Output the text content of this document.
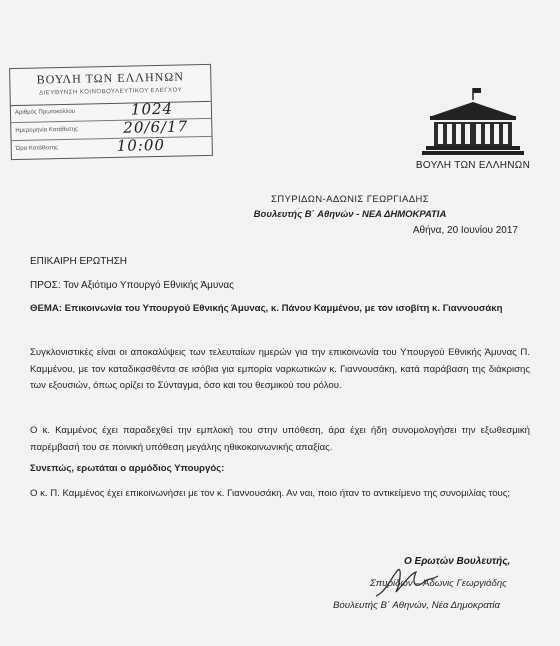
ΒΟΥΛΗ ΤΩΝ ΕΛΛΗΝΩΝ
ΔΙΕΥΘΥΝΣΗ ΚΟΙΝΟΒΟΥΛΕΥΤΙΚΟΥ ΕΛΕΓΧΟΥ
Αριθμός Πρωτοκόλλου	1024
Ημερομηνία Κατάθεσης	20/6/17
Ώρα Κατάθεσης	10:00
ΒΟΥΛΗ ΤΩΝ ΕΛΛΗΝΩΝ
ΣΠΥΡΙΔΩΝ-ΑΔΩΝΙΣ ΓΕΩΡΓΙΑΔΗΣ
Βουλευτής Β΄ Αθηνών - ΝΕΑ ΔΗΜΟΚΡΑΤΙΑ
Αθήνα, 20 Ιουνίου 2017
ΕΠΙΚΑΙΡΗ ΕΡΩΤΗΣΗ
ΠΡΟΣ: Τον Αξιότιμο Υπουργό Εθνικής Άμυνας
ΘΕΜΑ: Επικοινωνία του Υπουργού Εθνικής Άμυνας, κ. Πάνου Καμμένου, με τον ισοβίτη κ. Γιαννουσάκη
Συγκλονιστικές είναι οι αποκαλύψεις των τελευταίων ημερών για την επικοινωνία του Υπουργού Εθνικής Άμυνας Π. Καμμένου, με τον καταδικασθέντα σε ισόβια για εμπορία ναρκωτικών κ. Γιαννουσάκη, κατά παράβαση της διάκρισης των εξουσιών, όπως ορίζει το Σύνταγμα, όσο και του θεσμικού του ρόλου.
Ο κ. Καμμένος έχει παραδεχθεί την εμπλοκή του στην υπόθεση, άρα έχει ήδη συνομολογήσει την εξωθεσμική παρέμβασή του σε ποινική υπόθεση μεγάλης ηθικοκοινωνικής απαξίας.
Συνεπώς, ερωτάται ο αρμόδιος Υπουργός:
Ο κ. Π. Καμμένος έχει επικοινωνήσει με τον κ. Γιαννουσάκη. Αν ναι, ποιο ήταν το αντικείμενο της συνομιλίας τους;
Ο Ερωτών Βουλευτής,
Σπυρίδων – Άδωνις Γεωργιάδης
Βουλευτής Β΄ Αθηνών, Νέα Δημοκρατία
